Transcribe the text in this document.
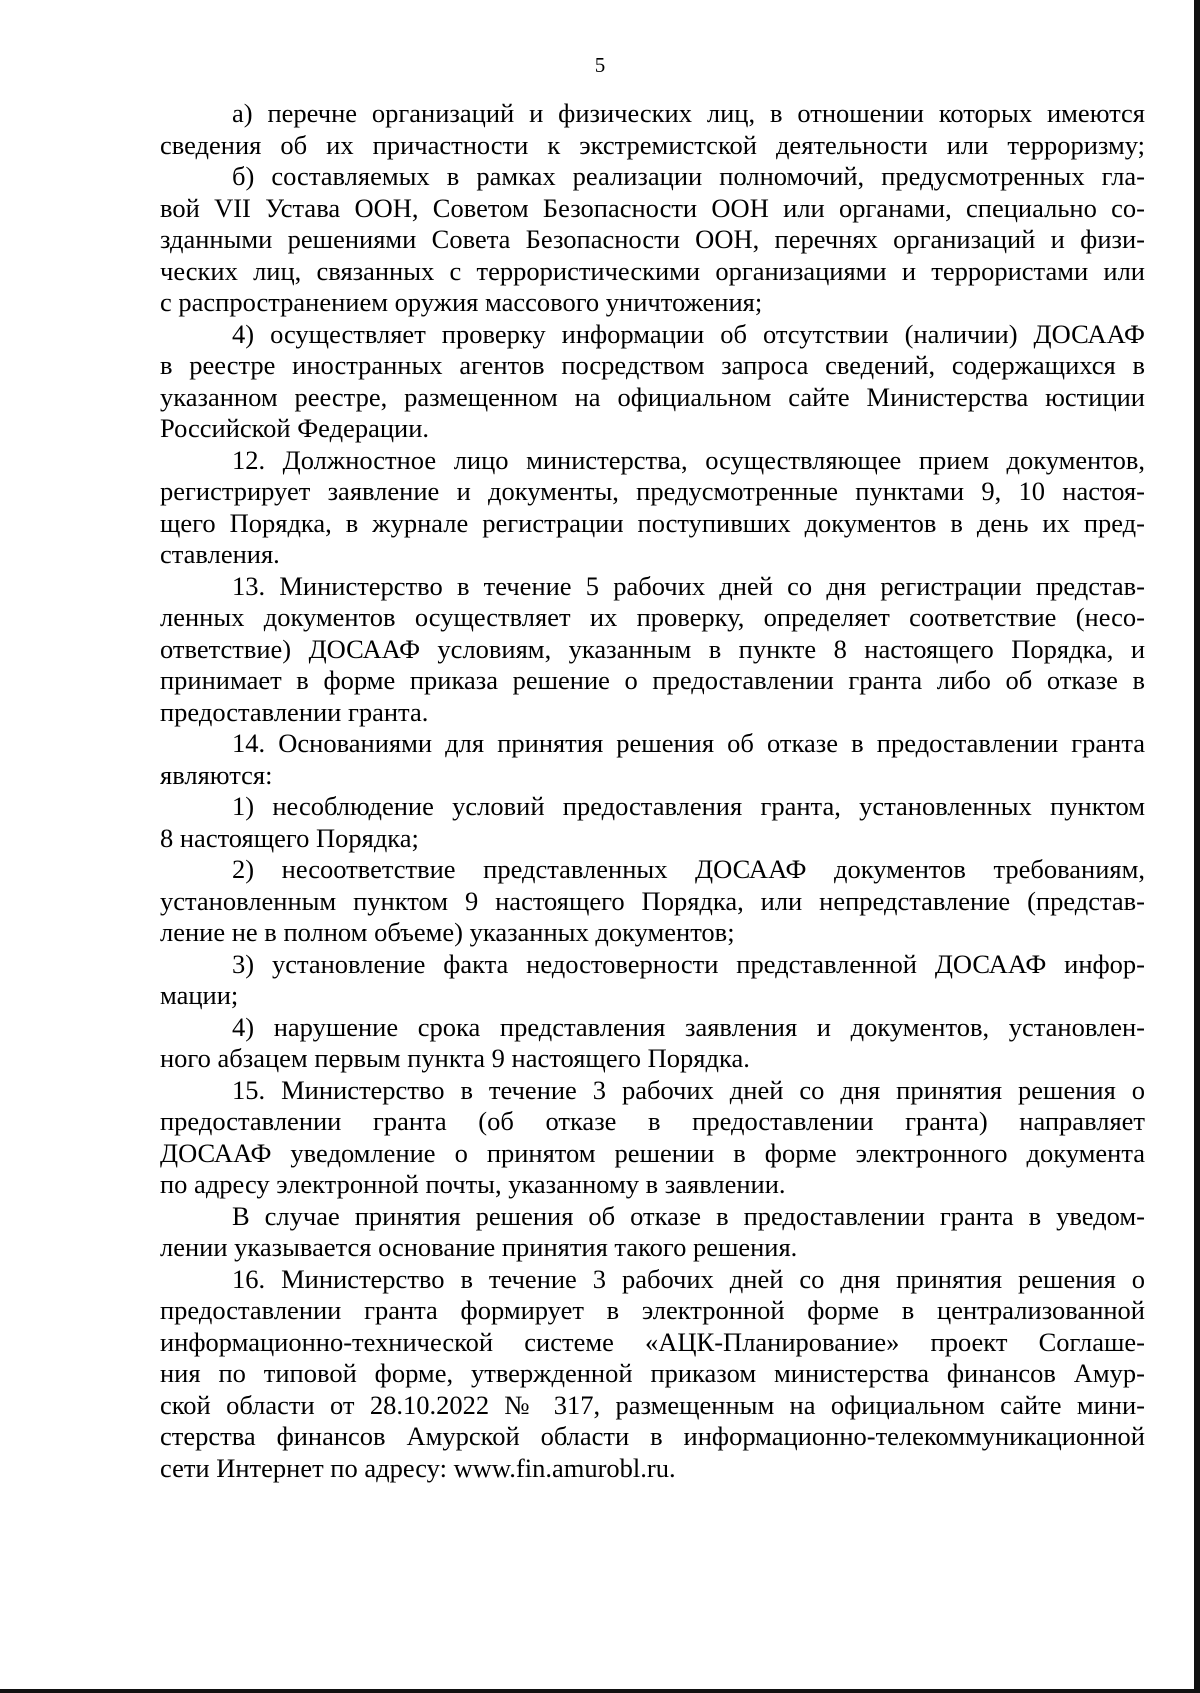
5
а) перечне организаций и физических лиц, в отношении которых имеются
сведения об их причастности к экстремистской деятельности или терроризму;
б) составляемых в рамках реализации полномочий, предусмотренных гла-
вой VII Устава ООН, Советом Безопасности ООН или органами, специально со-
зданными решениями Совета Безопасности ООН, перечнях организаций и физи-
ческих лиц, связанных с террористическими организациями и террористами или
с распространением оружия массового уничтожения;
4) осуществляет проверку информации об отсутствии (наличии) ДОСААФ
в реестре иностранных агентов посредством запроса сведений, содержащихся в
указанном реестре, размещенном на официальном сайте Министерства юстиции
Российской Федерации.
12. Должностное лицо министерства, осуществляющее прием документов,
регистрирует заявление и документы, предусмотренные пунктами 9, 10 настоя-
щего Порядка, в журнале регистрации поступивших документов в день их пред-
ставления.
13. Министерство в течение 5 рабочих дней со дня регистрации представ-
ленных документов осуществляет их проверку, определяет соответствие (несо-
ответствие) ДОСААФ условиям, указанным в пункте 8 настоящего Порядка, и
принимает в форме приказа решение о предоставлении гранта либо об отказе в
предоставлении гранта.
14. Основаниями для принятия решения об отказе в предоставлении гранта
являются:
1) несоблюдение условий предоставления гранта, установленных пунктом
8 настоящего Порядка;
2) несоответствие представленных ДОСААФ документов требованиям,
установленным пунктом 9 настоящего Порядка, или непредставление (представ-
ление не в полном объеме) указанных документов;
3) установление факта недостоверности представленной ДОСААФ инфор-
мации;
4) нарушение срока представления заявления и документов, установлен-
ного абзацем первым пункта 9 настоящего Порядка.
15. Министерство в течение 3 рабочих дней со дня принятия решения о
предоставлении гранта (об отказе в предоставлении гранта) направляет
ДОСААФ уведомление о принятом решении в форме электронного документа
по адресу электронной почты, указанному в заявлении.
В случае принятия решения об отказе в предоставлении гранта в уведом-
лении указывается основание принятия такого решения.
16. Министерство в течение 3 рабочих дней со дня принятия решения о
предоставлении гранта формирует в электронной форме в централизованной
информационно-технической системе «АЦК-Планирование» проект Соглаше-
ния по типовой форме, утвержденной приказом министерства финансов Амур-
ской области от 28.10.2022 № 317, размещенным на официальном сайте мини-
стерства финансов Амурской области в информационно-телекоммуникационной
сети Интернет по адресу: www.fin.amurobl.ru.
